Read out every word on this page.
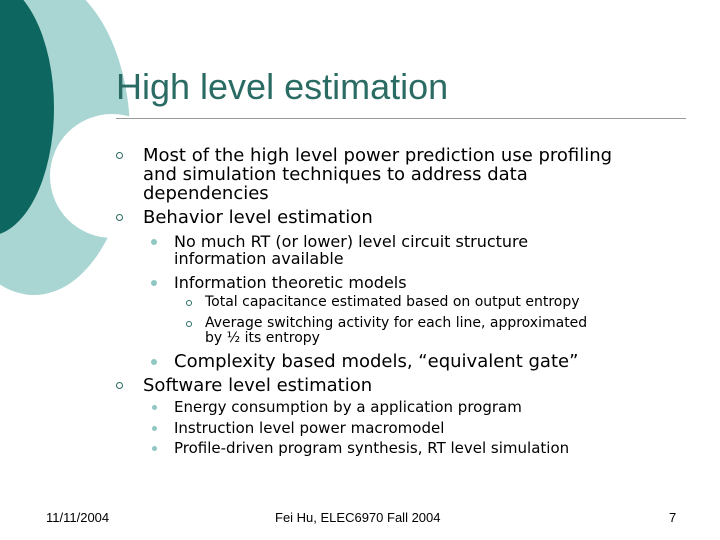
High level estimation
Most of the high level power prediction use profiling
and simulation techniques to address data
dependencies
Behavior level estimation
No much RT (or lower) level circuit structure
information available
Information theoretic models
Total capacitance estimated based on output entropy
Average switching activity for each line, approximated
by ½ its entropy
Complexity based models, “equivalent gate”
Software level estimation
Energy consumption by a application program
Instruction level power macromodel
Profile-driven program synthesis, RT level simulation
11/11/2004	Fei Hu, ELEC6970 Fall 2004	7
